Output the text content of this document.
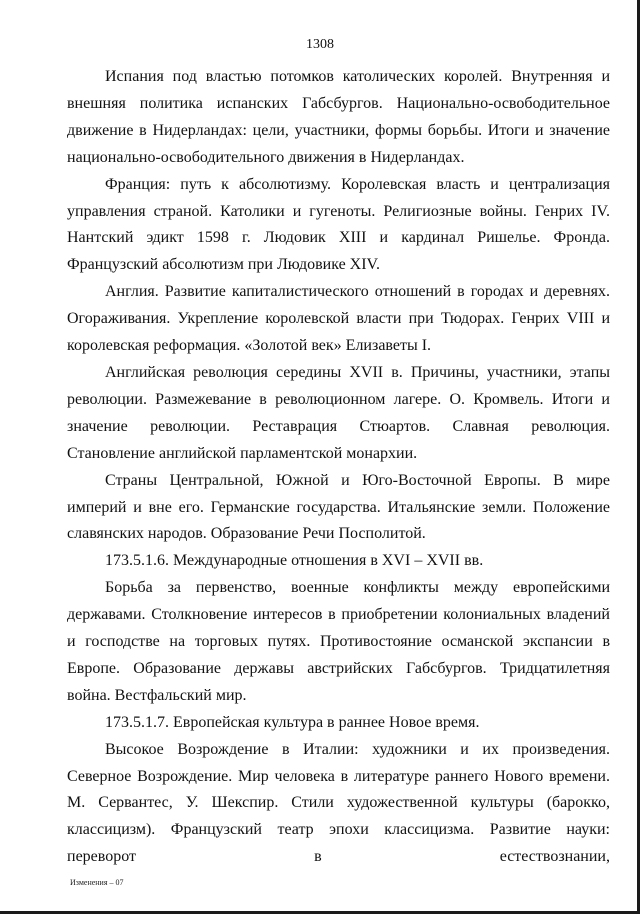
1308

Испания под властью потомков католических королей. Внутренняя и внешняя политика испанских Габсбургов. Национально-освободительное движение в Нидерландах: цели, участники, формы борьбы. Итоги и значение национально-освободительного движения в Нидерландах.

Франция: путь к абсолютизму. Королевская власть и централизация управления страной. Католики и гугеноты. Религиозные войны. Генрих IV. Нантский эдикт 1598 г. Людовик XIII и кардинал Ришелье. Фронда. Французский абсолютизм при Людовике XIV.

Англия. Развитие капиталистического отношений в городах и деревнях. Огораживания. Укрепление королевской власти при Тюдорах. Генрих VIII и королевская реформация. «Золотой век» Елизаветы I.

Английская революция середины XVII в. Причины, участники, этапы революции. Размежевание в революционном лагере. О. Кромвель. Итоги и значение революции. Реставрация Стюартов. Славная революция. Становление английской парламентской монархии.

Страны Центральной, Южной и Юго-Восточной Европы. В мире империй и вне его. Германские государства. Итальянские земли. Положение славянских народов. Образование Речи Посполитой.

173.5.1.6. Международные отношения в XVI – XVII вв.

Борьба за первенство, военные конфликты между европейскими державами. Столкновение интересов в приобретении колониальных владений и господстве на торговых путях. Противостояние османской экспансии в Европе. Образование державы австрийских Габсбургов. Тридцатилетняя война. Вестфальский мир.

173.5.1.7. Европейская культура в раннее Новое время.

Высокое Возрождение в Италии: художники и их произведения. Северное Возрождение. Мир человека в литературе раннего Нового времени. М. Сервантес, У. Шекспир. Стили художественной культуры (барокко, классицизм). Французский театр эпохи классицизма. Развитие науки: переворот в естествознании,

Изменения – 07
